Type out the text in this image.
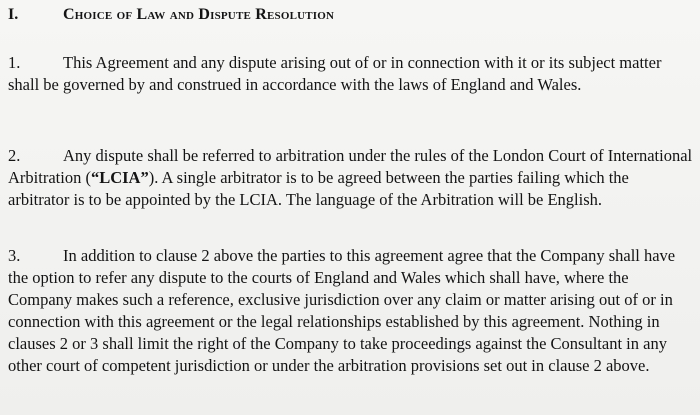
I.	Choice of Law and Dispute Resolution
1.	This Agreement and any dispute arising out of or in connection with it or its subject matter shall be governed by and construed in accordance with the laws of England and Wales.
2.	Any dispute shall be referred to arbitration under the rules of the London Court of International Arbitration (“LCIA”). A single arbitrator is to be agreed between the parties failing which the arbitrator is to be appointed by the LCIA. The language of the Arbitration will be English.
3.	In addition to clause 2 above the parties to this agreement agree that the Company shall have the option to refer any dispute to the courts of England and Wales which shall have, where the Company makes such a reference, exclusive jurisdiction over any claim or matter arising out of or in connection with this agreement or the legal relationships established by this agreement. Nothing in clauses 2 or 3 shall limit the right of the Company to take proceedings against the Consultant in any other court of competent jurisdiction or under the arbitration provisions set out in clause 2 above.
